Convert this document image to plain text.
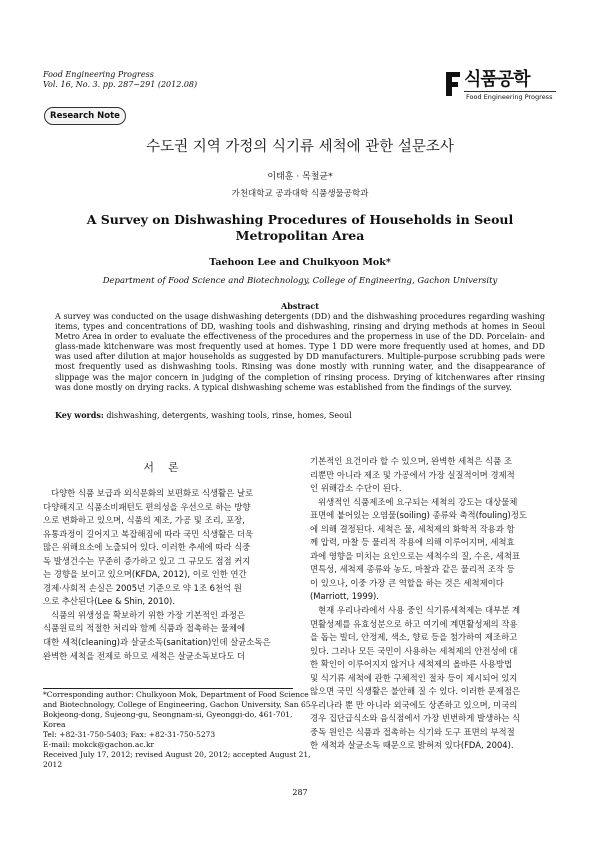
Food Engineering Progress
Vol. 16, No. 3. pp. 287~291 (2012.08)	식품공학
Food Engineering Progress
Research Note
수도권 지역 가정의 식기류 세척에 관한 설문조사
이태훈 · 목철균*
가천대학교 공과대학 식품생물공학과
A Survey on Dishwashing Procedures of Households in Seoul
Metropolitan Area
Taehoon Lee and Chulkyoon Mok*
Department of Food Science and Biotechnology, College of Engineering, Gachon University
Abstract
A survey was conducted on the usage dishwashing detergents (DD) and the dishwashing procedures regarding washing items, types and concentrations of DD, washing tools and dishwashing, rinsing and drying methods at homes in Seoul Metro Area in order to evaluate the effectiveness of the procedures and the properness in use of the DD. Porcelain- and glass-made kitchenware was most frequently used at homes. Type 1 DD were more frequently used at homes, and DD was used after dilution at major households as suggested by DD manufacturers. Multiple-purpose scrubbing pads were most frequently used as dishwashing tools. Rinsing was done mostly with running water, and the disappearance of slippage was the major concern in judging of the completion of rinsing process. Drying of kitchenwares after rinsing was done mostly on drying racks. A typical dishwashing scheme was established from the findings of the survey.
Key words: dishwashing, detergents, washing tools, rinse, homes, Seoul
서론

다양한 식품 보급과 외식문화의 보편화로 식생활은 날로
다양해지고 식품소비패턴도 편의성을 우선으로 하는 방향
으로 변화하고 있으며, 식품의 제조, 가공 및 조리, 포장,
유통과정이 길어지고 복잡해짐에 따라 국민 식생활은 더욱
많은 위해요소에 노출되어 있다. 이러한 추세에 따라 식중
독 발생건수는 꾸준히 증가하고 있고 그 규모도 점점 커지
는 경향을 보이고 있으며(KFDA, 2012), 이로 인한 연간
경제·사회적 손실은 2005년 기준으로 약 1조 6천억 원
으로 추산된다(Lee & Shin, 2010).

식품의 위생성을 확보하기 위한 가장 기본적인 과정은
식품원료의 적절한 처리와 함께 식품과 접촉하는 물체에
대한 세척(cleaning)과 살균소독(sanitation)인데 살균소독은
완벽한 세척을 전제로 하므로 세척은 살균소독보다도 더

기본적인 요건이라 할 수 있으며, 완벽한 세척은 식품 조
리뿐만 아니라 제조 및 가공에서 가장 실질적이며 경제적
인 위해감소 수단이 된다.

위생적인 식품제조에 요구되는 세척의 강도는 대상물체
표면에 붙어있는 오염물(soiling) 종류와 축적(fouling)정도
에 의해 결정된다. 세척은 물, 세척제의 화학적 작용과 함
께 압력, 마찰 등 물리적 작용에 의해 이루어지며, 세척효
과에 영향을 미치는 요인으로는 세척수의 질, 수온, 세척표
면특성, 세척제 종류와 농도, 마찰과 같은 물리적 조작 등
이 있으나, 이중 가장 큰 역할을 하는 것은 세척제이다
(Marriott, 1999).

현재 우리나라에서 사용 중인 식기류세척제는 대부분 계
면활성제를 유효성분으로 하고 여기에 계면활성제의 작용
을 돕는 빌더, 안정제, 색소, 향료 등을 첨가하여 제조하고
있다. 그러나 모든 국민이 사용하는 세척제의 안전성에 대
한 확인이 이루어지지 않거나 세척제의 올바른 사용방법
및 식기류 세척에 관한 구체적인 절차 등이 제시되어 있지
않으면 국민 식생활은 불안해 질 수 있다. 이러한 문제점은
우리나라 뿐 만 아니라 외국에도 상존하고 있으며, 미국의
경우 집단급식소와 음식점에서 가장 빈번하게 발생하는 식
중독 원인은 식품과 접촉하는 식기와 도구 표면의 부적절
한 세척과 살균소독 때문으로 밝혀져 있다(FDA, 2004).

*Corresponding author: Chulkyoon Mok, Department of Food Science
and Biotechnology, College of Engineering, Gachon University, San 65
Bokjeong-dong, Sujeong-gu, Seongnam-si, Gyeonggi-do, 461-701,
Korea
Tel: +82-31-750-5403; Fax: +82-31-750-5273
E-mail: mokck@gachon.ac.kr
Received July 17, 2012; revised August 20, 2012; accepted August 21,
2012
287
